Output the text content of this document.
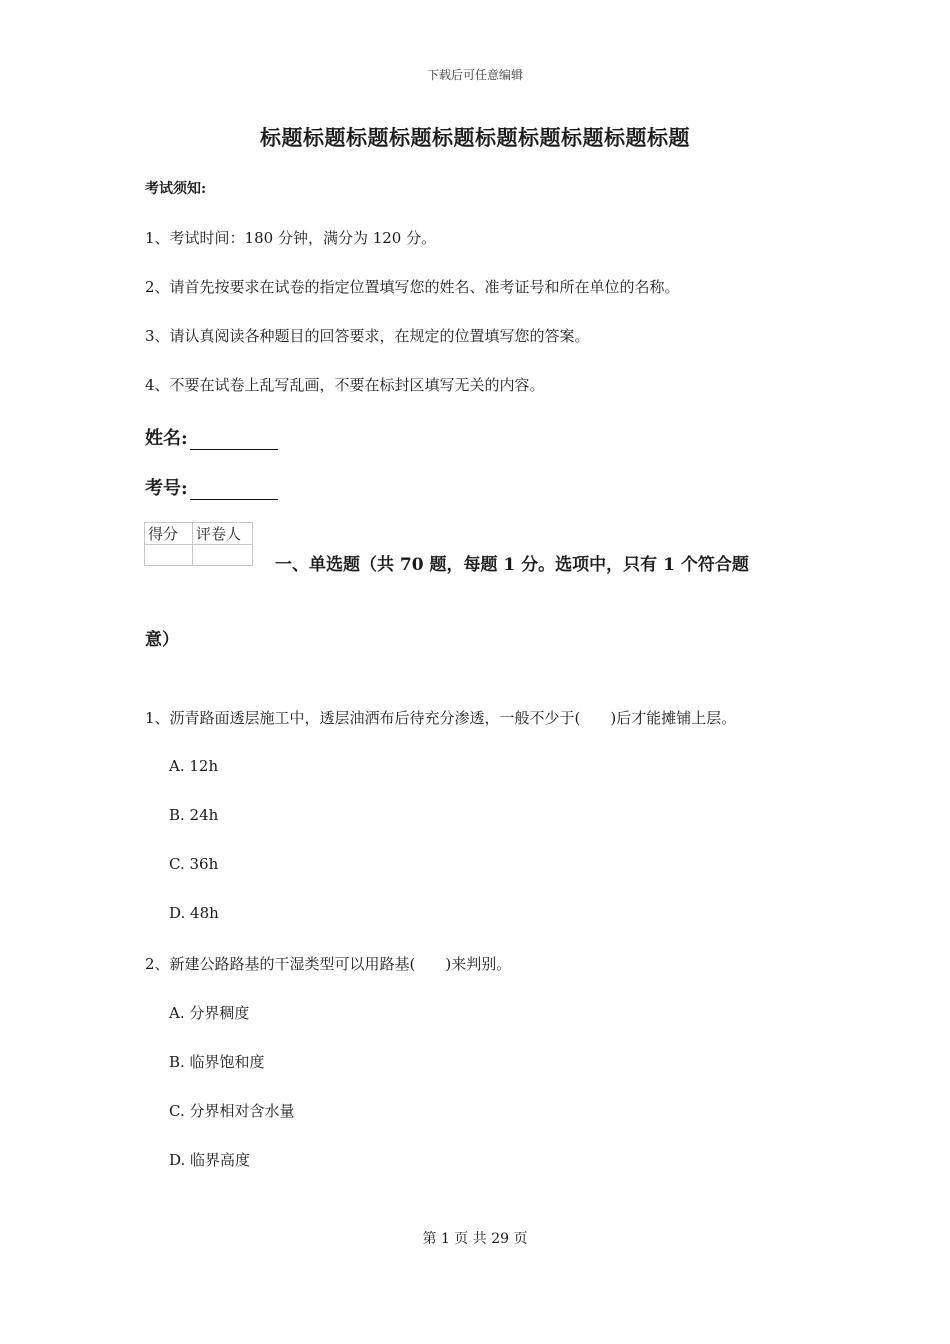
下载后可任意编辑
标题标题标题标题标题标题标题标题标题标题
考试须知:
1、考试时间：180 分钟，满分为 120 分。
2、请首先按要求在试卷的指定位置填写您的姓名、准考证号和所在单位的名称。
3、请认真阅读各种题目的回答要求，在规定的位置填写您的答案。
4、不要在试卷上乱写乱画，不要在标封区填写无关的内容。
姓名:
考号:
得分	评卷人

一、单选题（共 70 题，每题 1 分。选项中，只有 1 个符合题
意）
1、沥青路面透层施工中，透层油洒布后待充分渗透，一般不少于(　　)后才能摊铺上层。
A. 12h
B. 24h
C. 36h
D. 48h
2、新建公路路基的干湿类型可以用路基(　　)来判别。
A. 分界稠度
B. 临界饱和度
C. 分界相对含水量
D. 临界高度
第 1 页 共 29 页
